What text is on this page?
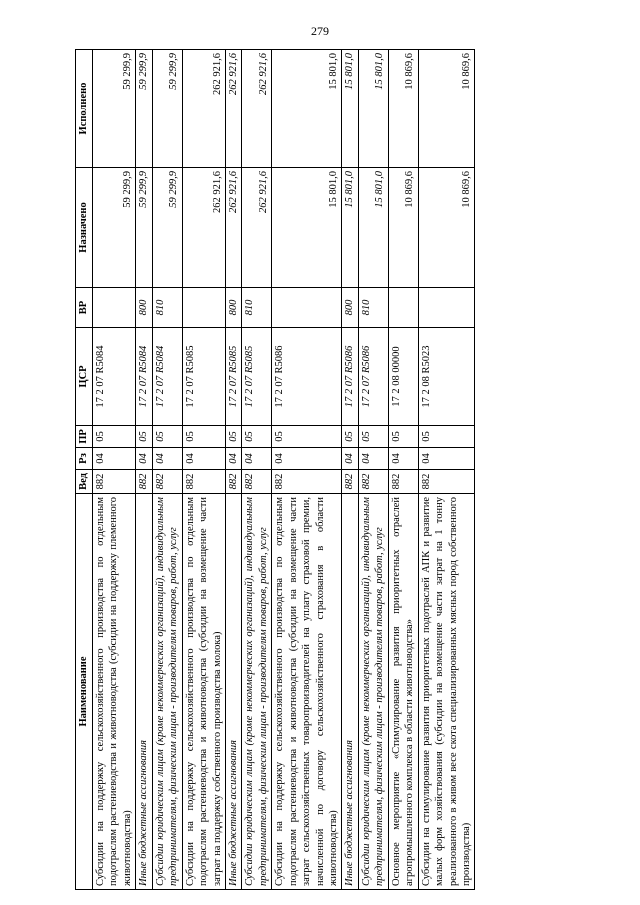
279
Наименование	Вед	Рз	ПР	ЦСР	ВР	Назначено	Исполнено
Субсидии на поддержку сельскохозяйственного производства по отдельным подотраслям растениеводства и животноводства (субсидии на поддержку племенного животноводства)	882	04	05	17 2 07 R5084		59 299,9	59 299,9
Иные бюджетные ассигнования	882	04	05	17 2 07 R5084	800	59 299,9	59 299,9
Субсидии юридическим лицам (кроме некоммерческих организаций), индивидуальным предпринимателям, физическим лицам - производителям товаров, работ, услуг	882	04	05	17 2 07 R5084	810	59 299,9	59 299,9
Субсидии на поддержку сельскохозяйственного производства по отдельным подотраслям растениеводства и животноводства (субсидии на возмещение части затрат на поддержку собственного производства молока)	882	04	05	17 2 07 R5085		262 921,6	262 921,6
Иные бюджетные ассигнования	882	04	05	17 2 07 R5085	800	262 921,6	262 921,6
Субсидии юридическим лицам (кроме некоммерческих организаций), индивидуальным предпринимателям, физическим лицам - производителям товаров, работ, услуг	882	04	05	17 2 07 R5085	810	262 921,6	262 921,6
Субсидии на поддержку сельскохозяйственного производства по отдельным подотраслям растениеводства и животноводства (субсидии на возмещение части затрат сельскохозяйственных товаропроизводителей на уплату страховой премии, начисленной по договору сельскохозяйственного страхования в области животноводства)	882	04	05	17 2 07 R5086		15 801,0	15 801,0
Иные бюджетные ассигнования	882	04	05	17 2 07 R5086	800	15 801,0	15 801,0
Субсидии юридическим лицам (кроме некоммерческих организаций), индивидуальным предпринимателям, физическим лицам - производителям товаров, работ, услуг	882	04	05	17 2 07 R5086	810	15 801,0	15 801,0
Основное мероприятие «Стимулирование развития приоритетных отраслей агропромышленного комплекса в области животноводства»	882	04	05	17 2 08 00000		10 869,6	10 869,6
Субсидии на стимулирование развития приоритетных подотраслей АПК и развитие малых форм хозяйствования (субсидии на возмещение части затрат на 1 тонну реализованного в живом весе скота специализированных мясных пород собственного производства)	882	04	05	17 2 08 R5023		10 869,6	10 869,6
